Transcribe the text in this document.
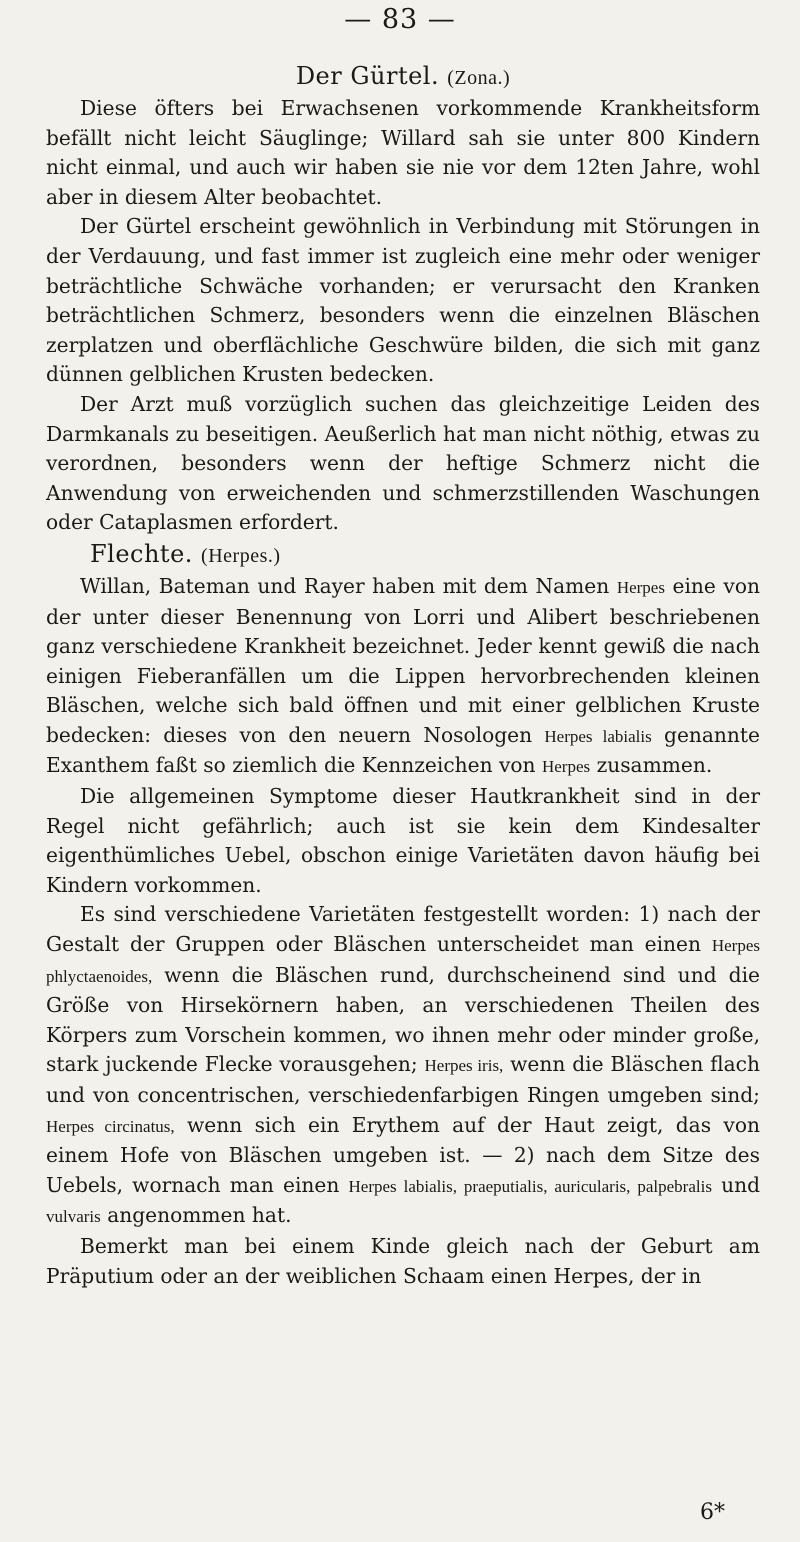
— 83 —
Der Gürtel. (Zona.)

Diese öfters bei Erwachsenen vorkommende Krankheitsform befällt nicht leicht Säuglinge; Willard sah sie unter 800 Kindern nicht einmal, und auch wir haben sie nie vor dem 12ten Jahre, wohl aber in diesem Alter beobachtet.

Der Gürtel erscheint gewöhnlich in Verbindung mit Störungen in der Verdauung, und fast immer ist zugleich eine mehr oder weniger beträchtliche Schwäche vorhanden; er verursacht den Kranken beträchtlichen Schmerz, besonders wenn die einzelnen Bläschen zerplatzen und oberflächliche Geschwüre bilden, die sich mit ganz dünnen gelblichen Krusten bedecken.

Der Arzt muß vorzüglich suchen das gleichzeitige Leiden des Darmkanals zu beseitigen. Aeußerlich hat man nicht nöthig, etwas zu verordnen, besonders wenn der heftige Schmerz nicht die Anwendung von erweichenden und schmerzstillenden Waschungen oder Cataplasmen erfordert.

Flechte. (Herpes.)

Willan, Bateman und Rayer haben mit dem Namen Herpes eine von der unter dieser Benennung von Lorri und Alibert beschriebenen ganz verschiedene Krankheit bezeichnet. Jeder kennt gewiß die nach einigen Fieberanfällen um die Lippen hervorbrechenden kleinen Bläschen, welche sich bald öffnen und mit einer gelblichen Kruste bedecken: dieses von den neuern Nosologen Herpes labialis genannte Exanthem faßt so ziemlich die Kennzeichen von Herpes zusammen.

Die allgemeinen Symptome dieser Hautkrankheit sind in der Regel nicht gefährlich; auch ist sie kein dem Kindesalter eigenthümliches Uebel, obschon einige Varietäten davon häufig bei Kindern vorkommen.

Es sind verschiedene Varietäten festgestellt worden: 1) nach der Gestalt der Gruppen oder Bläschen unterscheidet man einen Herpes phlyctaenoides, wenn die Bläschen rund, durchscheinend sind und die Größe von Hirsekörnern haben, an verschiedenen Theilen des Körpers zum Vorschein kommen, wo ihnen mehr oder minder große, stark juckende Flecke vorausgehen; Herpes iris, wenn die Bläschen flach und von concentrischen, verschiedenfarbigen Ringen umgeben sind; Herpes circinatus, wenn sich ein Erythem auf der Haut zeigt, das von einem Hofe von Bläschen umgeben ist. — 2) nach dem Sitze des Uebels, wornach man einen Herpes labialis, praeputialis, auricularis, palpebralis und vulvaris angenommen hat.

Bemerkt man bei einem Kinde gleich nach der Geburt am Präputium oder an der weiblichen Schaam einen Herpes, der in

6*
